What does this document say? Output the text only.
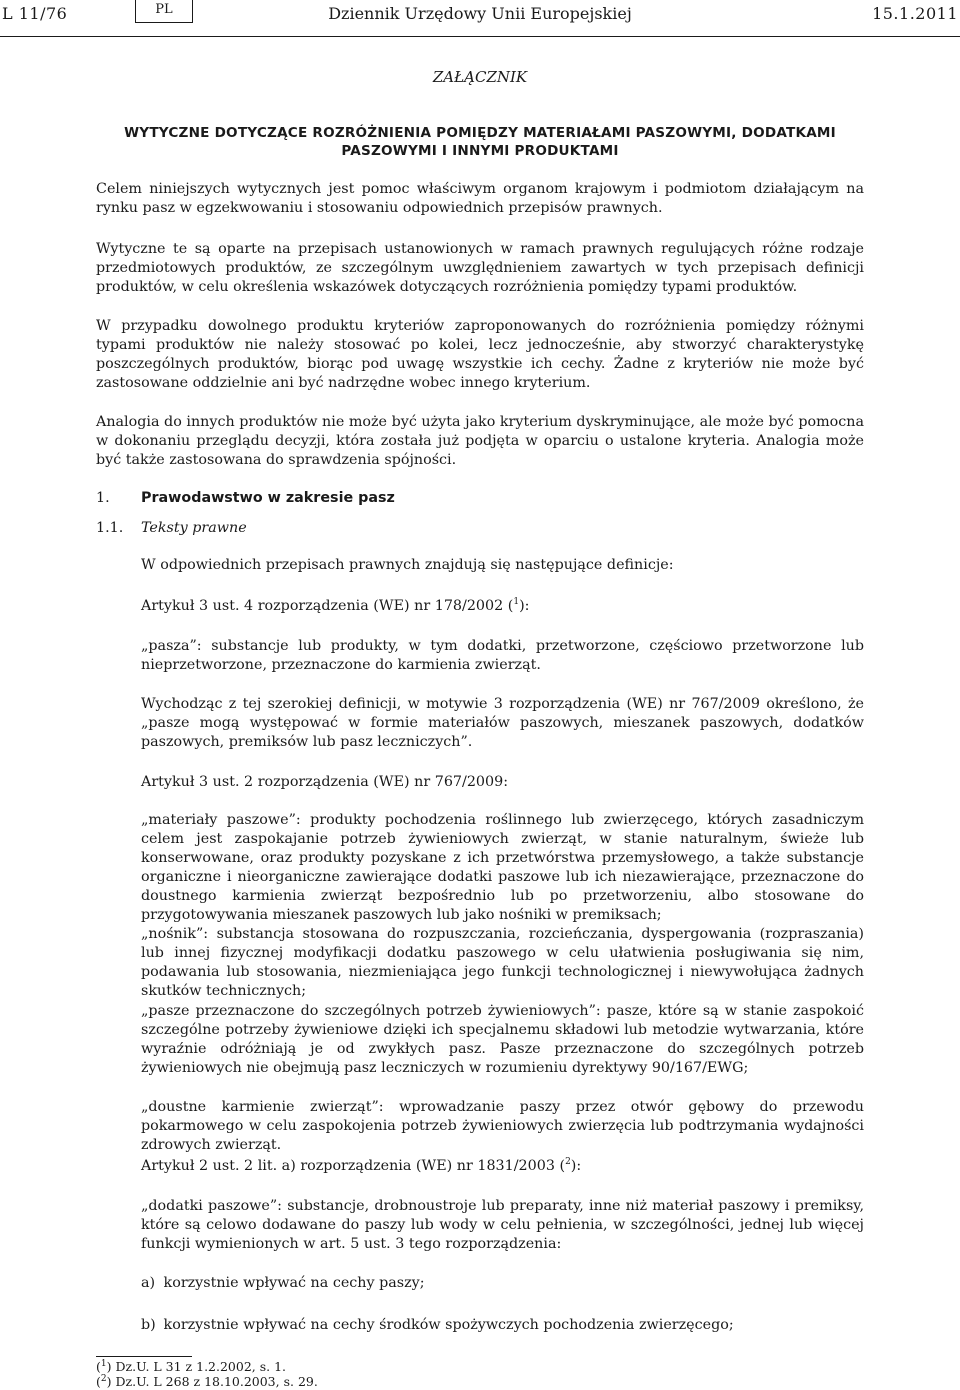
L 11/76	PL	Dziennik Urzędowy Unii Europejskiej	15.1.2011
ZAŁĄCZNIK
WYTYCZNE DOTYCZĄCE ROZRÓŻNIENIA POMIĘDZY MATERIAŁAMI PASZOWYMI, DODATKAMI
PASZOWYMI I INNYMI PRODUKTAMI

Celem niniejszych wytycznych jest pomoc właściwym organom krajowym i podmiotom działającym na rynku pasz w egzekwowaniu i stosowaniu odpowiednich przepisów prawnych.

Wytyczne te są oparte na przepisach ustanowionych w ramach prawnych regulujących różne rodzaje przedmiotowych produktów, ze szczególnym uwzględnieniem zawartych w tych przepisach definicji produktów, w celu określenia wskazówek dotyczących rozróżnienia pomiędzy typami produktów.

W przypadku dowolnego produktu kryteriów zaproponowanych do rozróżnienia pomiędzy różnymi typami produktów nie należy stosować po kolei, lecz jednocześnie, aby stworzyć charakterystykę poszczególnych produktów, biorąc pod uwagę wszystkie ich cechy. Żadne z kryteriów nie może być zastosowane oddzielnie ani być nadrzędne wobec innego kryterium.

Analogia do innych produktów nie może być użyta jako kryterium dyskryminujące, ale może być pomocna w dokonaniu przeglądu decyzji, która została już podjęta w oparciu o ustalone kryteria. Analogia może być także zastosowana do sprawdzenia spójności.

1. Prawodawstwo w zakresie pasz
1.1. Teksty prawne

W odpowiednich przepisach prawnych znajdują się następujące definicje:

Artykuł 3 ust. 4 rozporządzenia (WE) nr 178/2002 ($^1$):

„pasza”: substancje lub produkty, w tym dodatki, przetworzone, częściowo przetworzone lub nieprzetworzone, przeznaczone do karmienia zwierząt.

Wychodząc z tej szerokiej definicji, w motywie 3 rozporządzenia (WE) nr 767/2009 określono, że „pasze mogą występować w formie materiałów paszowych, mieszanek paszowych, dodatków paszowych, premiksów lub pasz leczniczych”.

Artykuł 3 ust. 2 rozporządzenia (WE) nr 767/2009:

„materiały paszowe”: produkty pochodzenia roślinnego lub zwierzęcego, których zasadniczym celem jest zaspokajanie potrzeb żywieniowych zwierząt, w stanie naturalnym, świeże lub konserwowane, oraz produkty pozyskane z ich przetwórstwa przemysłowego, a także substancje organiczne i nieorganiczne zawierające dodatki paszowe lub ich niezawierające, przeznaczone do doustnego karmienia zwierząt bezpośrednio lub po przetworzeniu, albo stosowane do przygotowywania mieszanek paszowych lub jako nośniki w premiksach;

„nośnik”: substancja stosowana do rozpuszczania, rozcieńczania, dyspergowania (rozpraszania) lub innej fizycznej modyfikacji dodatku paszowego w celu ułatwienia posługiwania się nim, podawania lub stosowania, niezmieniająca jego funkcji technologicznej i niewywołująca żadnych skutków technicznych;

„pasze przeznaczone do szczególnych potrzeb żywieniowych”: pasze, które są w stanie zaspokoić szczególne potrzeby żywieniowe dzięki ich specjalnemu składowi lub metodzie wytwarzania, które wyraźnie odróżniają je od zwykłych pasz. Pasze przeznaczone do szczególnych potrzeb żywieniowych nie obejmują pasz leczniczych w rozumieniu dyrektywy 90/167/EWG;

„doustne karmienie zwierząt”: wprowadzanie paszy przez otwór gębowy do przewodu pokarmowego w celu zaspokojenia potrzeb żywieniowych zwierzęcia lub podtrzymania wydajności zdrowych zwierząt.

Artykuł 2 ust. 2 lit. a) rozporządzenia (WE) nr 1831/2003 ($^2$):

„dodatki paszowe”: substancje, drobnoustroje lub preparaty, inne niż materiał paszowy i premiksy, które są celowo dodawane do paszy lub wody w celu pełnienia, w szczególności, jednej lub więcej funkcji wymienionych w art. 5 ust. 3 tego rozporządzenia:

a) korzystnie wpływać na cechy paszy;

b) korzystnie wpływać na cechy środków spożywczych pochodzenia zwierzęcego;

($^1$) Dz.U. L 31 z 1.2.2002, s. 1.
($^2$) Dz.U. L 268 z 18.10.2003, s. 29.
